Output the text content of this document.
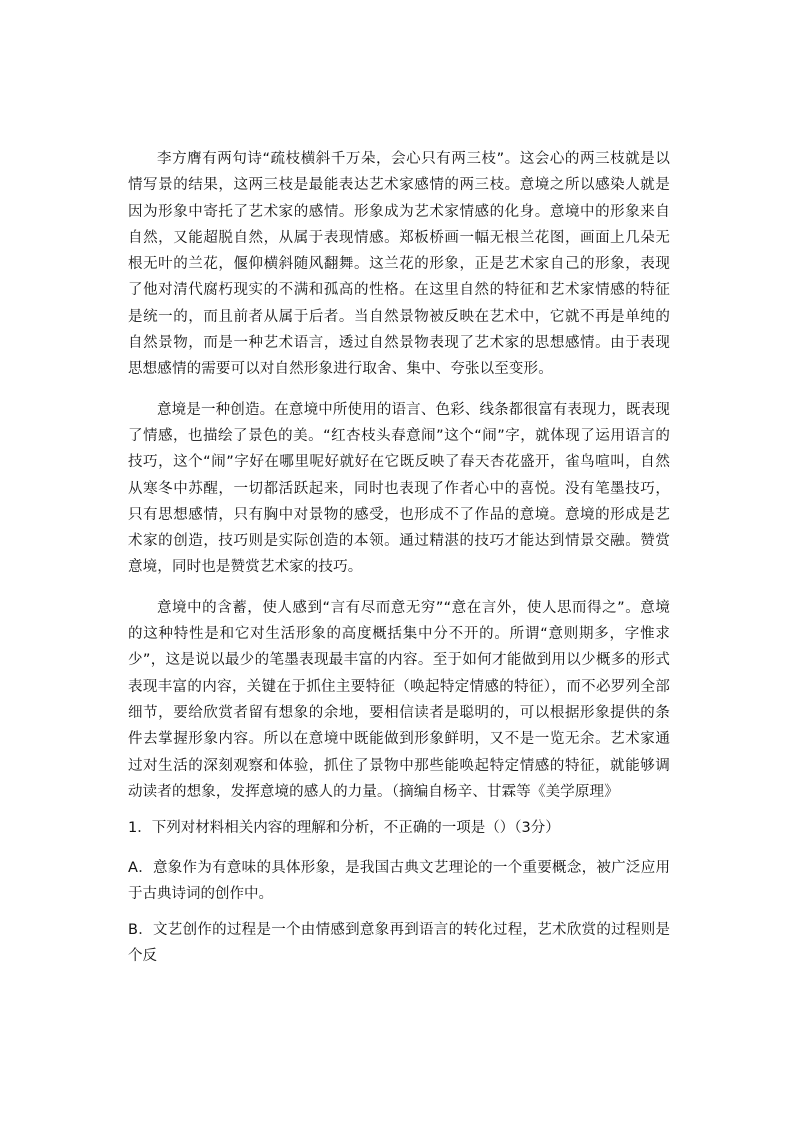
李方膺有两句诗“疏枝横斜千万朵，会心只有两三枝”。这会心的两三枝就是以情写景的结果，这两三枝是最能表达艺术家感情的两三枝。意境之所以感染人就是因为形象中寄托了艺术家的感情。形象成为艺术家情感的化身。意境中的形象来自自然，又能超脱自然，从属于表现情感。郑板桥画一幅无根兰花图，画面上几朵无根无叶的兰花，偃仰横斜随风翻舞。这兰花的形象，正是艺术家自己的形象，表现了他对清代腐朽现实的不满和孤高的性格。在这里自然的特征和艺术家情感的特征是统一的，而且前者从属于后者。当自然景物被反映在艺术中，它就不再是单纯的自然景物，而是一种艺术语言，透过自然景物表现了艺术家的思想感情。由于表现思想感情的需要可以对自然形象进行取舍、集中、夸张以至变形。

意境是一种创造。在意境中所使用的语言、色彩、线条都很富有表现力，既表现了情感，也描绘了景色的美。“红杏枝头春意闹”这个“闹”字，就体现了运用语言的技巧，这个“闹”字好在哪里呢好就好在它既反映了春天杏花盛开，雀鸟喧叫，自然从寒冬中苏醒，一切都活跃起来，同时也表现了作者心中的喜悦。没有笔墨技巧，只有思想感情，只有胸中对景物的感受，也形成不了作品的意境。意境的形成是艺术家的创造，技巧则是实际创造的本领。通过精湛的技巧才能达到情景交融。赞赏意境，同时也是赞赏艺术家的技巧。

意境中的含蓄，使人感到“言有尽而意无穷”“意在言外，使人思而得之”。意境的这种特性是和它对生活形象的高度概括集中分不开的。所谓“意则期多，字惟求少”，这是说以最少的笔墨表现最丰富的内容。至于如何才能做到用以少概多的形式表现丰富的内容，关键在于抓住主要特征（唤起特定情感的特征），而不必罗列全部细节，要给欣赏者留有想象的余地，要相信读者是聪明的，可以根据形象提供的条件去掌握形象内容。所以在意境中既能做到形象鲜明，又不是一览无余。艺术家通过对生活的深刻观察和体验，抓住了景物中那些能唤起特定情感的特征，就能够调动读者的想象，发挥意境的感人的力量。（摘编自杨辛、甘霖等《美学原理》

1．下列对材料相关内容的理解和分析，不正确的一项是（）（3分）

A．意象作为有意味的具体形象，是我国古典文艺理论的一个重要概念，被广泛应用于古典诗词的创作中。

B．文艺创作的过程是一个由情感到意象再到语言的转化过程，艺术欣赏的过程则是个反
